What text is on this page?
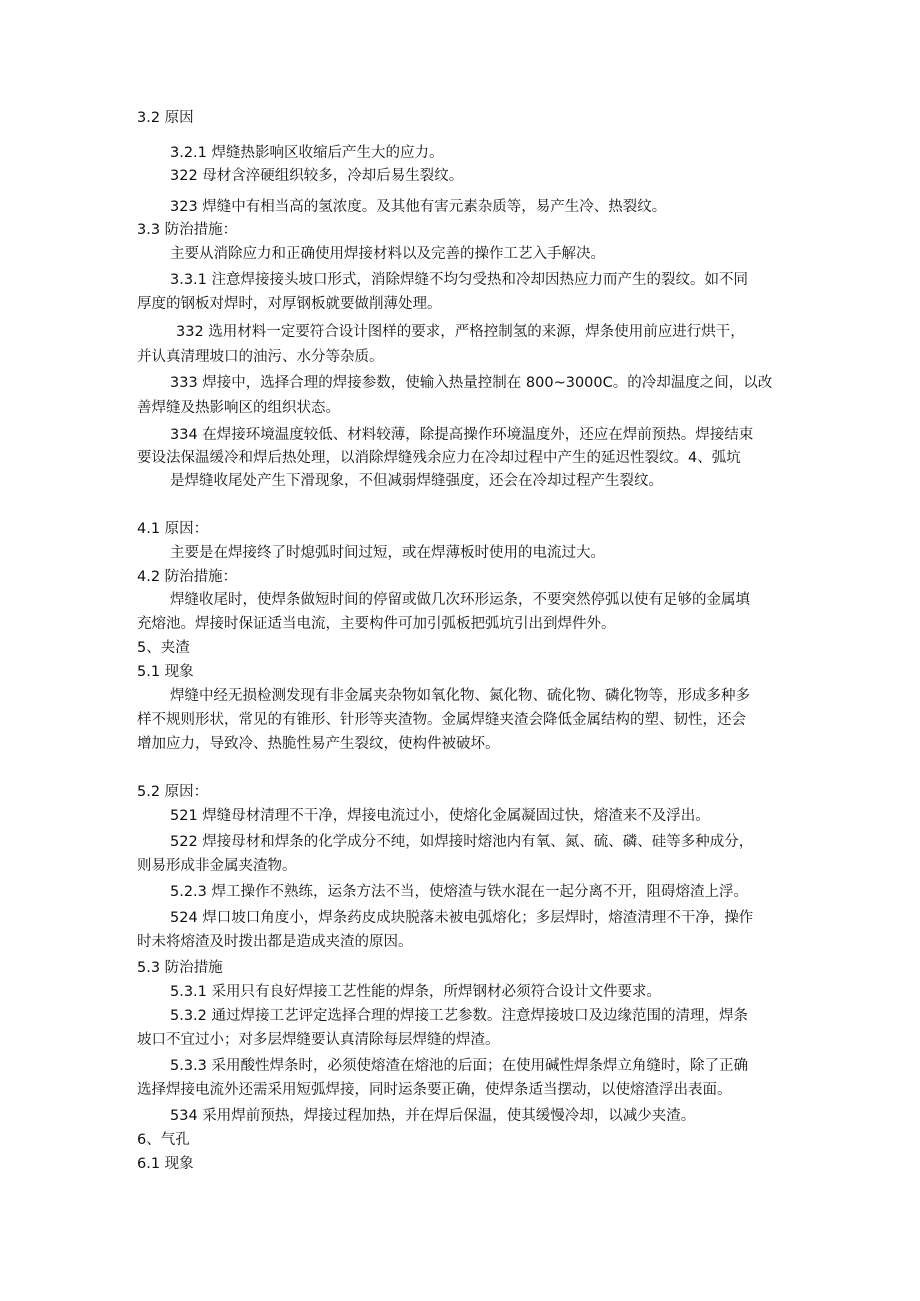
3.2 原因
3.2.1 焊缝热影响区收缩后产生大的应力。
322 母材含淬硬组织较多，冷却后易生裂纹。
323 焊缝中有相当高的氢浓度。及其他有害元素杂质等，易产生冷、热裂纹。
3.3 防治措施：
主要从消除应力和正确使用焊接材料以及完善的操作工艺入手解决。
3.3.1 注意焊接接头坡口形式，消除焊缝不均匀受热和冷却因热应力而产生的裂纹。如不同
厚度的钢板对焊时，对厚钢板就要做削薄处理。
332 选用材料一定要符合设计图样的要求，严格控制氢的来源，焊条使用前应进行烘干，
并认真清理坡口的油污、水分等杂质。
333 焊接中，选择合理的焊接参数，使输入热量控制在 800~3000C。的冷却温度之间，以改
善焊缝及热影响区的组织状态。
334 在焊接环境温度较低、材料较薄，除提高操作环境温度外，还应在焊前预热。焊接结束
要设法保温缓冷和焊后热处理，以消除焊缝残余应力在冷却过程中产生的延迟性裂纹。4、弧坑
是焊缝收尾处产生下滑现象，不但减弱焊缝强度，还会在冷却过程产生裂纹。
4.1 原因：
主要是在焊接终了时熄弧时间过短，或在焊薄板时使用的电流过大。
4.2 防治措施：
焊缝收尾时，使焊条做短时间的停留或做几次环形运条，不要突然停弧以使有足够的金属填
充熔池。焊接时保证适当电流，主要构件可加引弧板把弧坑引出到焊件外。
5、夹渣
5.1 现象
焊缝中经无损检测发现有非金属夹杂物如氧化物、氮化物、硫化物、磷化物等，形成多种多
样不规则形状，常见的有锥形、针形等夹渣物。金属焊缝夹渣会降低金属结构的塑、韧性，还会
增加应力，导致冷、热脆性易产生裂纹，使构件被破坏。
5.2 原因：
521 焊缝母材清理不干净，焊接电流过小，使熔化金属凝固过快，熔渣来不及浮出。
522 焊接母材和焊条的化学成分不纯，如焊接时熔池内有氧、氮、硫、磷、硅等多种成分，
则易形成非金属夹渣物。
5.2.3 焊工操作不熟练，运条方法不当，使熔渣与铁水混在一起分离不开，阻碍熔渣上浮。
524 焊口坡口角度小，焊条药皮成块脱落未被电弧熔化；多层焊时，熔渣清理不干净，操作
时未将熔渣及时拨出都是造成夹渣的原因。
5.3 防治措施
5.3.1 采用只有良好焊接工艺性能的焊条，所焊钢材必须符合设计文件要求。
5.3.2 通过焊接工艺评定选择合理的焊接工艺参数。注意焊接坡口及边缘范围的清理，焊条
坡口不宜过小；对多层焊缝要认真清除每层焊缝的焊渣。
5.3.3 采用酸性焊条时，必须使熔渣在熔池的后面；在使用碱性焊条焊立角缝时，除了正确
选择焊接电流外还需采用短弧焊接，同时运条要正确，使焊条适当摆动，以使熔渣浮出表面。
534 采用焊前预热，焊接过程加热，并在焊后保温，使其缓慢冷却，以减少夹渣。
6、气孔
6.1 现象
